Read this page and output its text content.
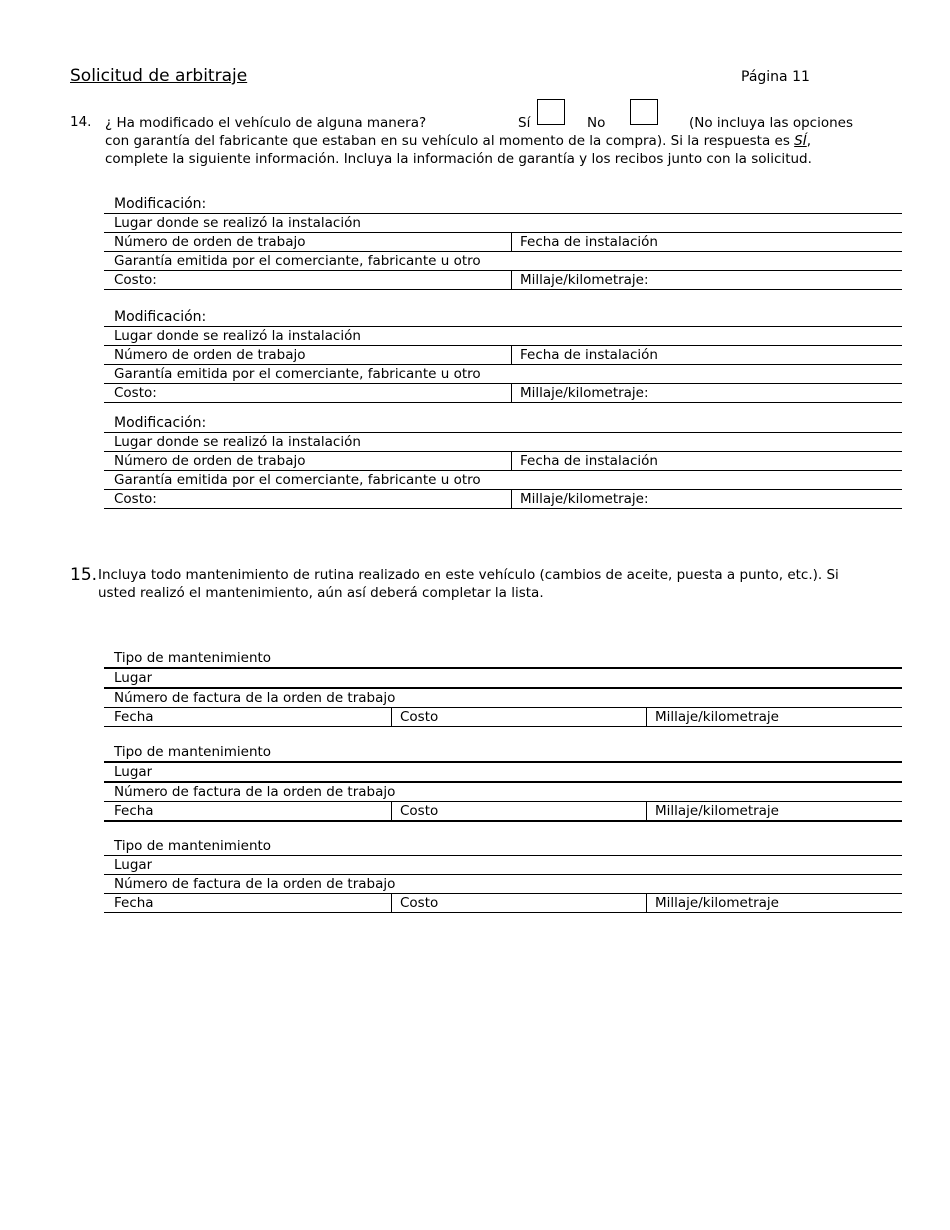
Solicitud de arbitraje	Página 11
14. ¿ Ha modificado el vehículo de alguna manera?	Sí	No	(No incluya las opciones
con garantía del fabricante que estaban en su vehículo al momento de la compra). Si la respuesta es SÍ,
complete la siguiente información. Incluya la información de garantía y los recibos junto con la solicitud.
Modificación:
Lugar donde se realizó la instalación
Número de orden de trabajo	Fecha de instalación
Garantía emitida por el comerciante, fabricante u otro
Costo:	Millaje/kilometraje:
Modificación:
Lugar donde se realizó la instalación
Número de orden de trabajo	Fecha de instalación
Garantía emitida por el comerciante, fabricante u otro
Costo:	Millaje/kilometraje:
Modificación:
Lugar donde se realizó la instalación
Número de orden de trabajo	Fecha de instalación
Garantía emitida por el comerciante, fabricante u otro
Costo:	Millaje/kilometraje:
15. Incluya todo mantenimiento de rutina realizado en este vehículo (cambios de aceite, puesta a punto, etc.). Si
usted realizó el mantenimiento, aún así deberá completar la lista.
Tipo de mantenimiento
Lugar
Número de factura de la orden de trabajo
Fecha	Costo	Millaje/kilometraje
Tipo de mantenimiento
Lugar
Número de factura de la orden de trabajo
Fecha	Costo	Millaje/kilometraje
Tipo de mantenimiento
Lugar
Número de factura de la orden de trabajo
Fecha	Costo	Millaje/kilometraje
